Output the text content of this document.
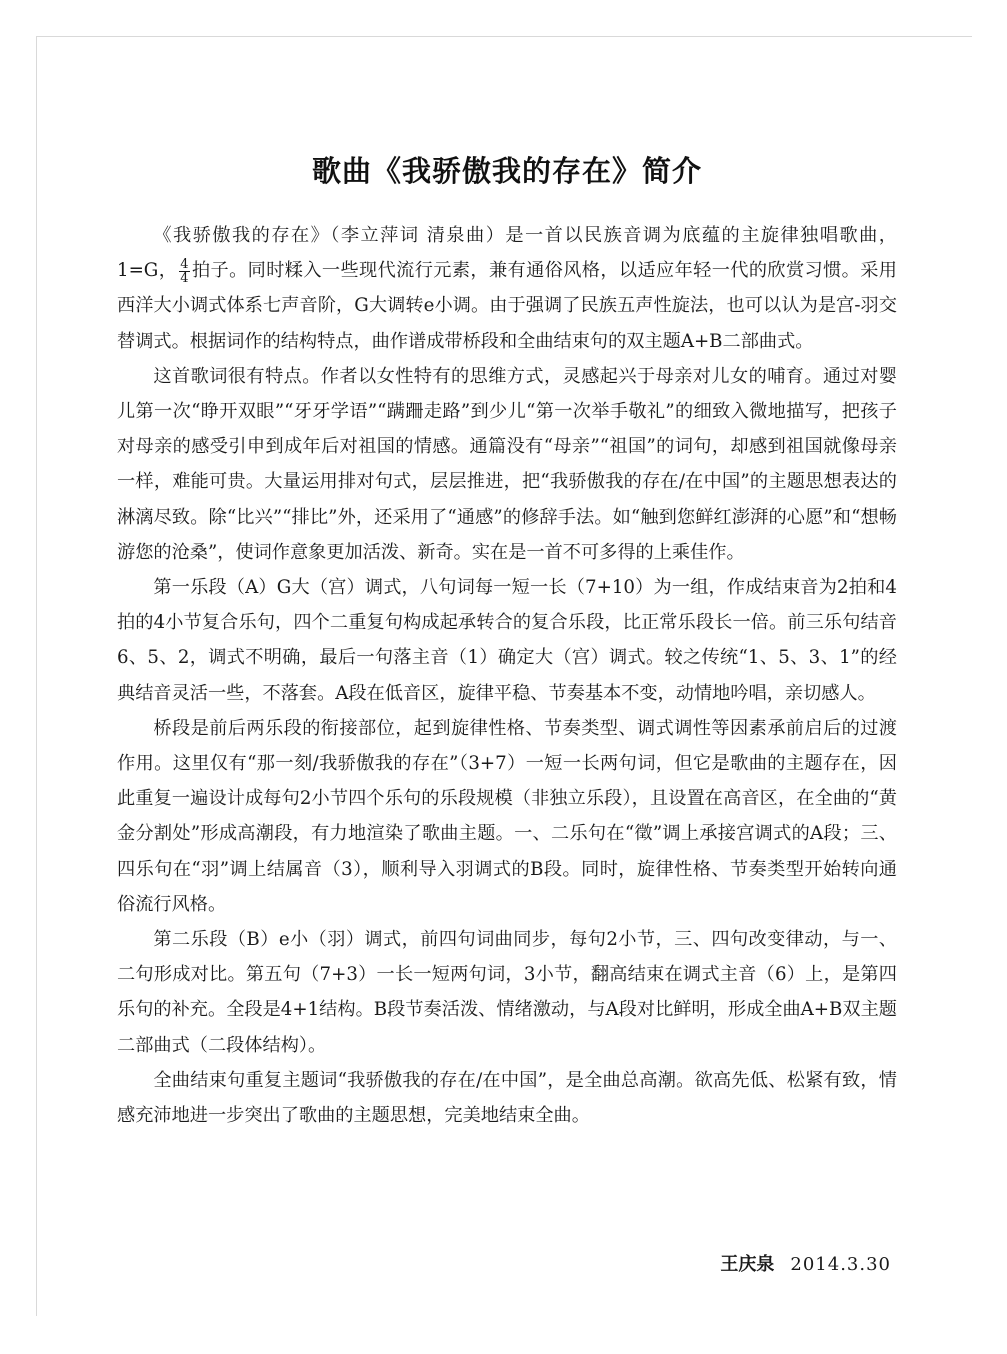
歌曲《我骄傲我的存在》简介

《我骄傲我的存在》（李立萍词 清泉曲）是一首以民族音调为底蕴的主旋律独唱歌曲，1=G， $\frac{4}{4}$ 拍子。同时糅入一些现代流行元素，兼有通俗风格，以适应年轻一代的欣赏习惯。采用西洋大小调式体系七声音阶，G大调转e小调。由于强调了民族五声性旋法，也可以认为是宫-羽交替调式。根据词作的结构特点，曲作谱成带桥段和全曲结束句的双主题A+B二部曲式。

这首歌词很有特点。作者以女性特有的思维方式，灵感起兴于母亲对儿女的哺育。通过对婴儿第一次“睁开双眼”“牙牙学语”“蹒跚走路”到少儿“第一次举手敬礼”的细致入微地描写，把孩子对母亲的感受引申到成年后对祖国的情感。通篇没有“母亲”“祖国”的词句，却感到祖国就像母亲一样，难能可贵。大量运用排对句式，层层推进，把“我骄傲我的存在/在中国”的主题思想表达的淋漓尽致。除“比兴”“排比”外，还采用了“通感”的修辞手法。如“触到您鲜红澎湃的心愿”和“想畅游您的沧桑”，使词作意象更加活泼、新奇。实在是一首不可多得的上乘佳作。

第一乐段（A）G大（宫）调式，八句词每一短一长（7+10）为一组，作成结束音为2拍和4拍的4小节复合乐句，四个二重复句构成起承转合的复合乐段，比正常乐段长一倍。前三乐句结音6、5、2，调式不明确，最后一句落主音（1）确定大（宫）调式。较之传统“1、5、3、1”的经典结音灵活一些，不落套。A段在低音区，旋律平稳、节奏基本不变，动情地吟唱，亲切感人。

桥段是前后两乐段的衔接部位，起到旋律性格、节奏类型、调式调性等因素承前启后的过渡作用。这里仅有“那一刻/我骄傲我的存在”（3+7）一短一长两句词，但它是歌曲的主题存在，因此重复一遍设计成每句2小节四个乐句的乐段规模（非独立乐段），且设置在高音区，在全曲的“黄金分割处”形成高潮段，有力地渲染了歌曲主题。一、二乐句在“徵”调上承接宫调式的A段；三、四乐句在“羽”调上结属音（3），顺利导入羽调式的B段。同时，旋律性格、节奏类型开始转向通俗流行风格。

第二乐段（B）e小（羽）调式，前四句词曲同步，每句2小节，三、四句改变律动，与一、二句形成对比。第五句（7+3）一长一短两句词，3小节，翻高结束在调式主音（6）上，是第四乐句的补充。全段是4+1结构。B段节奏活泼、情绪激动，与A段对比鲜明，形成全曲A+B双主题二部曲式（二段体结构）。

全曲结束句重复主题词“我骄傲我的存在/在中国”，是全曲总高潮。欲高先低、松紧有致，情感充沛地进一步突出了歌曲的主题思想，完美地结束全曲。

王庆泉 2014.3.30
